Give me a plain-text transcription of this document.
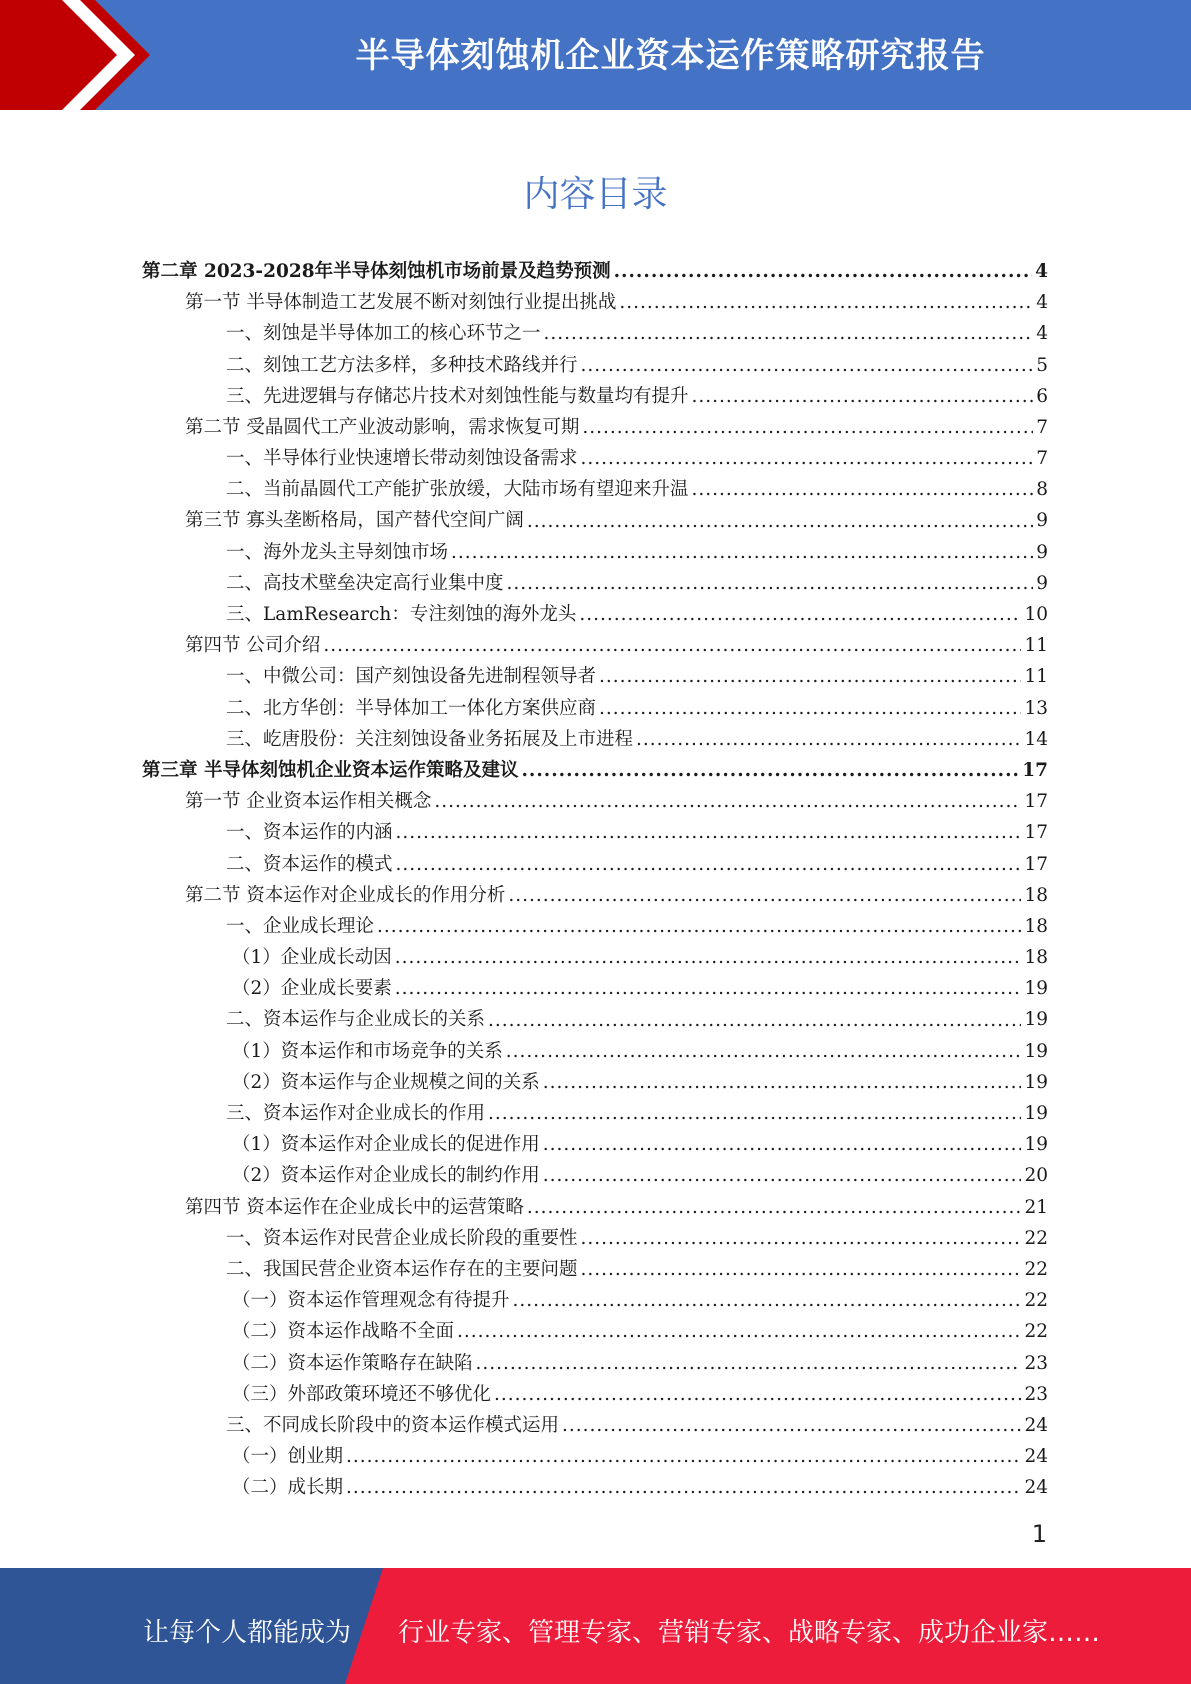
半导体刻蚀机企业资本运作策略研究报告
内容目录
第二章 2023-2028年半导体刻蚀机市场前景及趋势预测 .....	4
第一节 半导体制造工艺发展不断对刻蚀行业提出挑战 .....	4
一、刻蚀是半导体加工的核心环节之一 .....	4
二、刻蚀工艺方法多样，多种技术路线并行 .....	5
三、先进逻辑与存储芯片技术对刻蚀性能与数量均有提升 .....	6
第二节 受晶圆代工产业波动影响，需求恢复可期 .....	7
一、半导体行业快速增长带动刻蚀设备需求 .....	7
二、当前晶圆代工产能扩张放缓，大陆市场有望迎来升温 .....	8
第三节 寡头垄断格局，国产替代空间广阔 .....	9
一、海外龙头主导刻蚀市场 .....	9
二、高技术壁垒决定高行业集中度 .....	9
三、LamResearch：专注刻蚀的海外龙头 .....	10
第四节 公司介绍 .....	11
一、中微公司：国产刻蚀设备先进制程领导者 .....	11
二、北方华创：半导体加工一体化方案供应商 .....	13
三、屹唐股份：关注刻蚀设备业务拓展及上市进程 .....	14
第三章 半导体刻蚀机企业资本运作策略及建议 .....	17
第一节 企业资本运作相关概念 .....	17
一、资本运作的内涵 .....	17
二、资本运作的模式 .....	17
第二节 资本运作对企业成长的作用分析 .....	18
一、企业成长理论 .....	18
（1）企业成长动因 .....	18
（2）企业成长要素 .....	19
二、资本运作与企业成长的关系 .....	19
（1）资本运作和市场竞争的关系 .....	19
（2）资本运作与企业规模之间的关系 .....	19
三、资本运作对企业成长的作用 .....	19
（1）资本运作对企业成长的促进作用 .....	19
（2）资本运作对企业成长的制约作用 .....	20
第四节 资本运作在企业成长中的运营策略 .....	21
一、资本运作对民营企业成长阶段的重要性 .....	22
二、我国民营企业资本运作存在的主要问题 .....	22
（一）资本运作管理观念有待提升 .....	22
（二）资本运作战略不全面 .....	22
（二）资本运作策略存在缺陷 .....	23
（三）外部政策环境还不够优化 .....	23
三、不同成长阶段中的资本运作模式运用 .....	24
（一）创业期 .....	24
（二）成长期 .....	24
1
让每个人都能成为 行业专家、管理专家、营销专家、战略专家、成功企业家……
